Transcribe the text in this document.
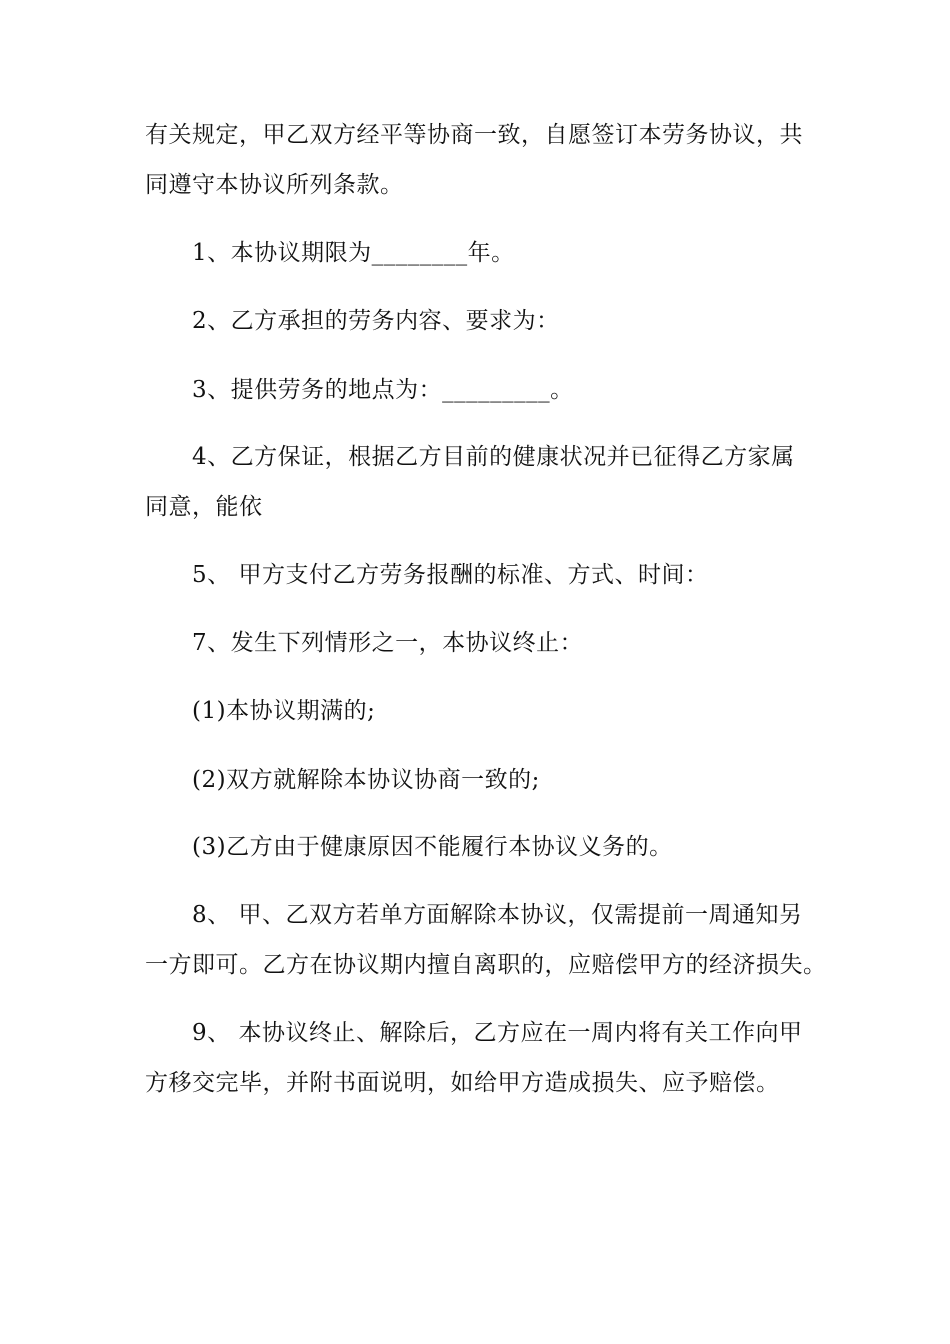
有关规定，甲乙双方经平等协商一致，自愿签订本劳务协议，共
同遵守本协议所列条款。
1、本协议期限为________年。
2、乙方承担的劳务内容、要求为：
3、提供劳务的地点为：_________。
4、乙方保证，根据乙方目前的健康状况并已征得乙方家属
同意，能依
5、 甲方支付乙方劳务报酬的标准、方式、时间：
7、发生下列情形之一，本协议终止：
(1)本协议期满的;
(2)双方就解除本协议协商一致的;
(3)乙方由于健康原因不能履行本协议义务的。
8、 甲、乙双方若单方面解除本协议，仅需提前一周通知另
一方即可。乙方在协议期内擅自离职的，应赔偿甲方的经济损失。
9、 本协议终止、解除后，乙方应在一周内将有关工作向甲
方移交完毕，并附书面说明，如给甲方造成损失、应予赔偿。
